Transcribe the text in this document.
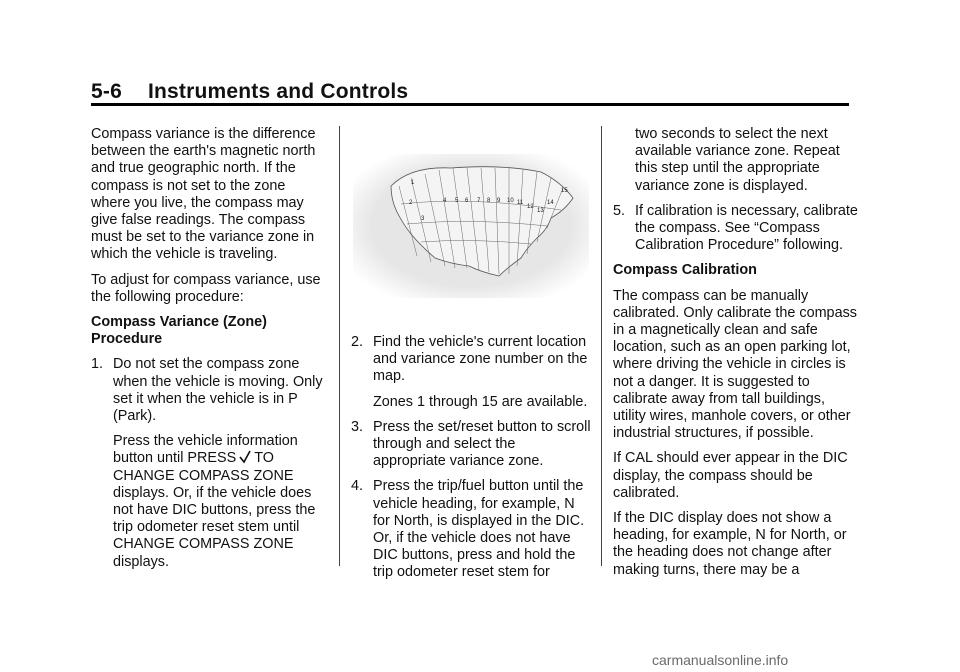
5-6 Instruments and Controls

Compass variance is the difference between the earth's magnetic north and true geographic north. If the compass is not set to the zone where you live, the compass may give false readings. The compass must be set to the variance zone in which the vehicle is traveling.

To adjust for compass variance, use the following procedure:

Compass Variance (Zone) Procedure

1. Do not set the compass zone when the vehicle is moving. Only set it when the vehicle is in P (Park).
Press the vehicle information button until PRESS TO CHANGE COMPASS ZONE displays. Or, if the vehicle does not have DIC buttons, press the trip odometer reset stem until CHANGE COMPASS ZONE displays.
1
2
3
4 5 6 7 8 9 10 11
12
13
14
15
2. Find the vehicle's current location and variance zone number on the map.
Zones 1 through 15 are available.
3. Press the set/reset button to scroll through and select the appropriate variance zone.
4. Press the trip/fuel button until the vehicle heading, for example, N for North, is displayed in the DIC. Or, if the vehicle does not have DIC buttons, press and hold the trip odometer reset stem for
two seconds to select the next available variance zone. Repeat this step until the appropriate variance zone is displayed.
5. If calibration is necessary, calibrate the compass. See “Compass Calibration Procedure” following.

Compass Calibration

The compass can be manually calibrated. Only calibrate the compass in a magnetically clean and safe location, such as an open parking lot, where driving the vehicle in circles is not a danger. It is suggested to calibrate away from tall buildings, utility wires, manhole covers, or other industrial structures, if possible.

If CAL should ever appear in the DIC display, the compass should be calibrated.

If the DIC display does not show a heading, for example, N for North, or the heading does not change after making turns, there may be a

carmanualsonline.info
